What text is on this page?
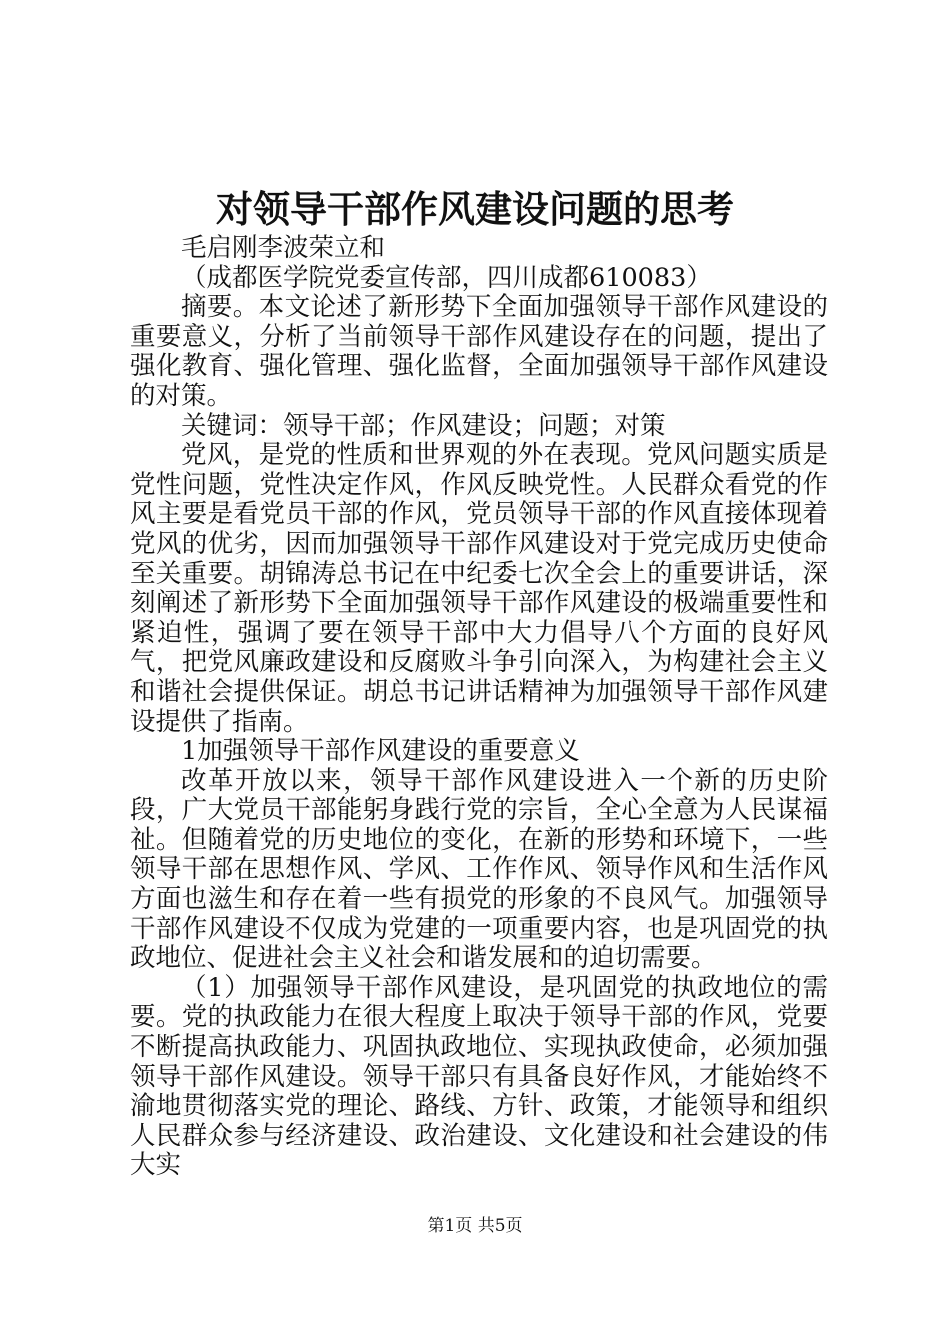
对领导干部作风建设问题的思考

毛启刚李波荣立和

（成都医学院党委宣传部，四川成都610083）

摘要。本文论述了新形势下全面加强领导干部作风建设的重要意义，分析了当前领导干部作风建设存在的问题，提出了强化教育、强化管理、强化监督，全面加强领导干部作风建设的对策。

关键词：领导干部；作风建设；问题；对策

党风，是党的性质和世界观的外在表现。党风问题实质是党性问题，党性决定作风，作风反映党性。人民群众看党的作风主要是看党员干部的作风，党员领导干部的作风直接体现着党风的优劣，因而加强领导干部作风建设对于党完成历史使命至关重要。胡锦涛总书记在中纪委七次全会上的重要讲话，深刻阐述了新形势下全面加强领导干部作风建设的极端重要性和紧迫性，强调了要在领导干部中大力倡导八个方面的良好风气，把党风廉政建设和反腐败斗争引向深入，为构建社会主义和谐社会提供保证。胡总书记讲话精神为加强领导干部作风建设提供了指南。

1加强领导干部作风建设的重要意义

改革开放以来，领导干部作风建设进入一个新的历史阶段，广大党员干部能躬身践行党的宗旨，全心全意为人民谋福祉。但随着党的历史地位的变化，在新的形势和环境下，一些领导干部在思想作风、学风、工作作风、领导作风和生活作风方面也滋生和存在着一些有损党的形象的不良风气。加强领导干部作风建设不仅成为党建的一项重要内容，也是巩固党的执政地位、促进社会主义社会和谐发展和的迫切需要。

（1）加强领导干部作风建设，是巩固党的执政地位的需要。党的执政能力在很大程度上取决于领导干部的作风，党要不断提高执政能力、巩固执政地位、实现执政使命，必须加强领导干部作风建设。领导干部只有具备良好作风，才能始终不渝地贯彻落实党的理论、路线、方针、政策，才能领导和组织人民群众参与经济建设、政治建设、文化建设和社会建设的伟大实

第1页 共5页
